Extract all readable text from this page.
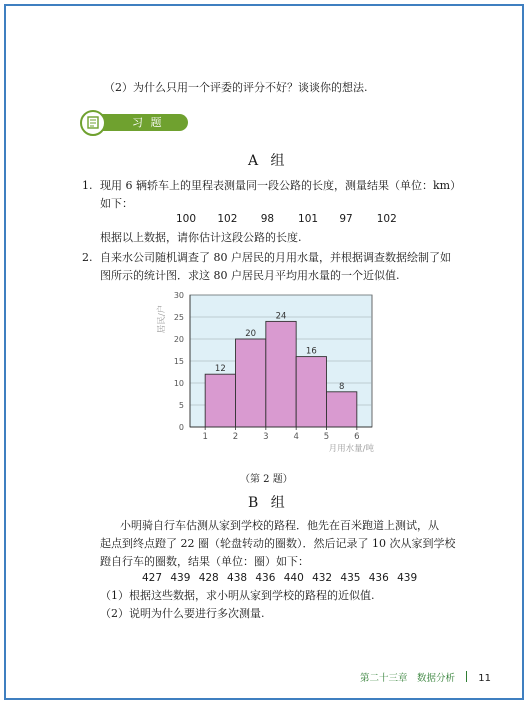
（2）为什么只用一个评委的评分不好？谈谈你的想法.
习 题
A 组
1. 现用 6 辆轿车上的里程表测量同一段公路的长度，测量结果（单位：km）
如下：
100 102 98 101 97 102
根据以上数据，请你估计这段公路的长度.
2. 自来水公司随机调查了 80 户居民的月用水量，并根据调查数据绘制了如
图所示的统计图．求这 80 户居民月平均用水量的一个近似值.
0
5
10
15
20
25
30
12
20
24
16
8
1	2	3	4	5	6
居民/户
月用水量/吨
（第 2 题）
B 组
小明骑自行车估测从家到学校的路程．他先在百米跑道上测试，从
起点到终点蹬了 22 圈（轮盘转动的圈数）．然后记录了 10 次从家到学校
蹬自行车的圈数，结果（单位：圈）如下：
427 439 428 438 436 440 432 435 436 439
（1）根据这些数据，求小明从家到学校的路程的近似值.
（2）说明为什么要进行多次测量.
第二十三章　数据分析 11
